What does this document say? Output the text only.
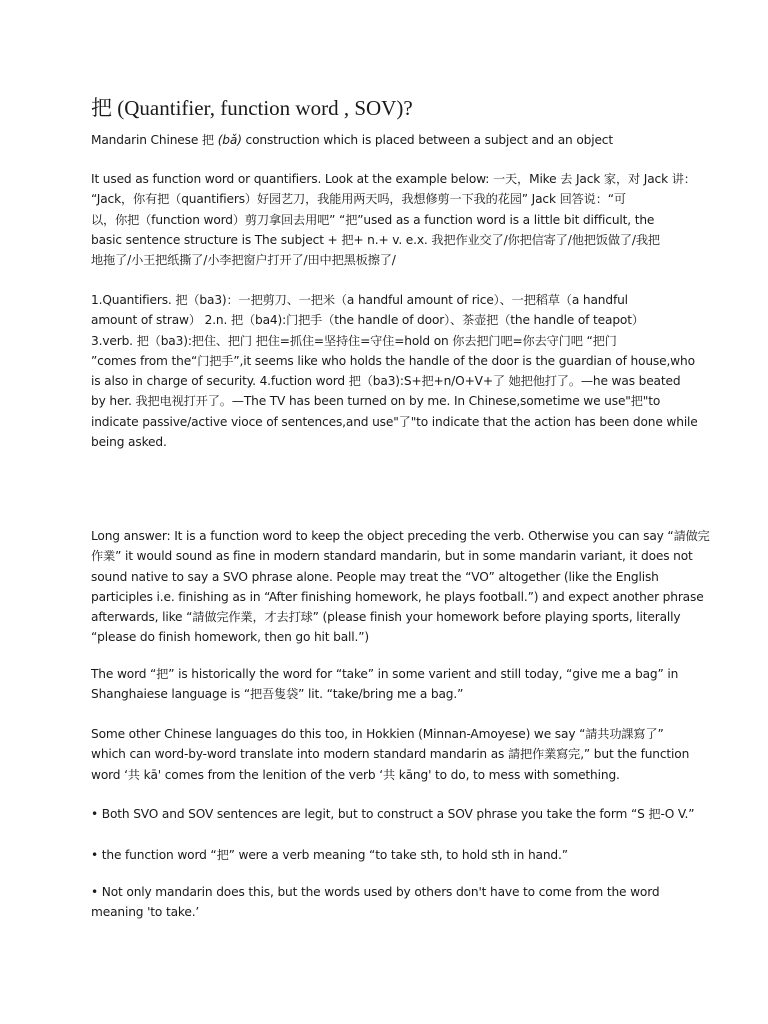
把 (Quantifier, function word , SOV)?

Mandarin Chinese 把 (bǎ) construction which is placed between a subject and an object

It used as function word or quantifiers. Look at the example below: 一天，Mike 去 Jack 家，对 Jack 讲：
“Jack，你有把（quantifiers）好园艺刀，我能用两天吗，我想修剪一下我的花园” Jack 回答说：“可
以，你把（function word）剪刀拿回去用吧” “把”used as a function word is a little bit difficult, the
basic sentence structure is The subject + 把+ n.+ v. e.x. 我把作业交了/你把信寄了/他把饭做了/我把
地拖了/小王把纸撕了/小李把窗户打开了/田中把黑板擦了/

1.Quantifiers. 把（ba3)：一把剪刀、一把米（a handful amount of rice）、一把稻草（a handful
amount of straw） 2.n. 把（ba4):门把手（the handle of door）、茶壶把（the handle of teapot）
3.verb. 把（ba3):把住、把门 把住=抓住=坚持住=守住=hold on 你去把门吧=你去守门吧 “把门
”comes from the“门把手”,it seems like who holds the handle of the door is the guardian of house,who
is also in charge of security. 4.fuction word 把（ba3):S+把+n/O+V+了 她把他打了。—he was beated
by her. 我把电视打开了。—The TV has been turned on by me. In Chinese,sometime we use"把"to
indicate passive/active vioce of sentences,and use"了"to indicate that the action has been done while
being asked.

Long answer: It is a function word to keep the object preceding the verb. Otherwise you can say “請做完
作業” it would sound as fine in modern standard mandarin, but in some mandarin variant, it does not
sound native to say a SVO phrase alone. People may treat the “VO” altogether (like the English
participles i.e. finishing as in “After finishing homework, he plays football.”) and expect another phrase
afterwards, like “請做完作業，才去打球” (please finish your homework before playing sports, literally
“please do finish homework, then go hit ball.”)

The word “把” is historically the word for “take” in some varient and still today, “give me a bag” in
Shanghaiese language is “把吾隻袋” lit. “take/bring me a bag.”

Some other Chinese languages do this too, in Hokkien (Minnan-Amoyese) we say “請共功課寫了”
which can word-by-word translate into modern standard mandarin as 請把作業寫完,” but the function
word ‘共 kā' comes from the lenition of the verb ‘共 kāng' to do, to mess with something.

• Both SVO and SOV sentences are legit, but to construct a SOV phrase you take the form “S 把-O V.”

• the function word “把” were a verb meaning “to take sth, to hold sth in hand.”

• Not only mandarin does this, but the words used by others don't have to come from the word
meaning 'to take.’
